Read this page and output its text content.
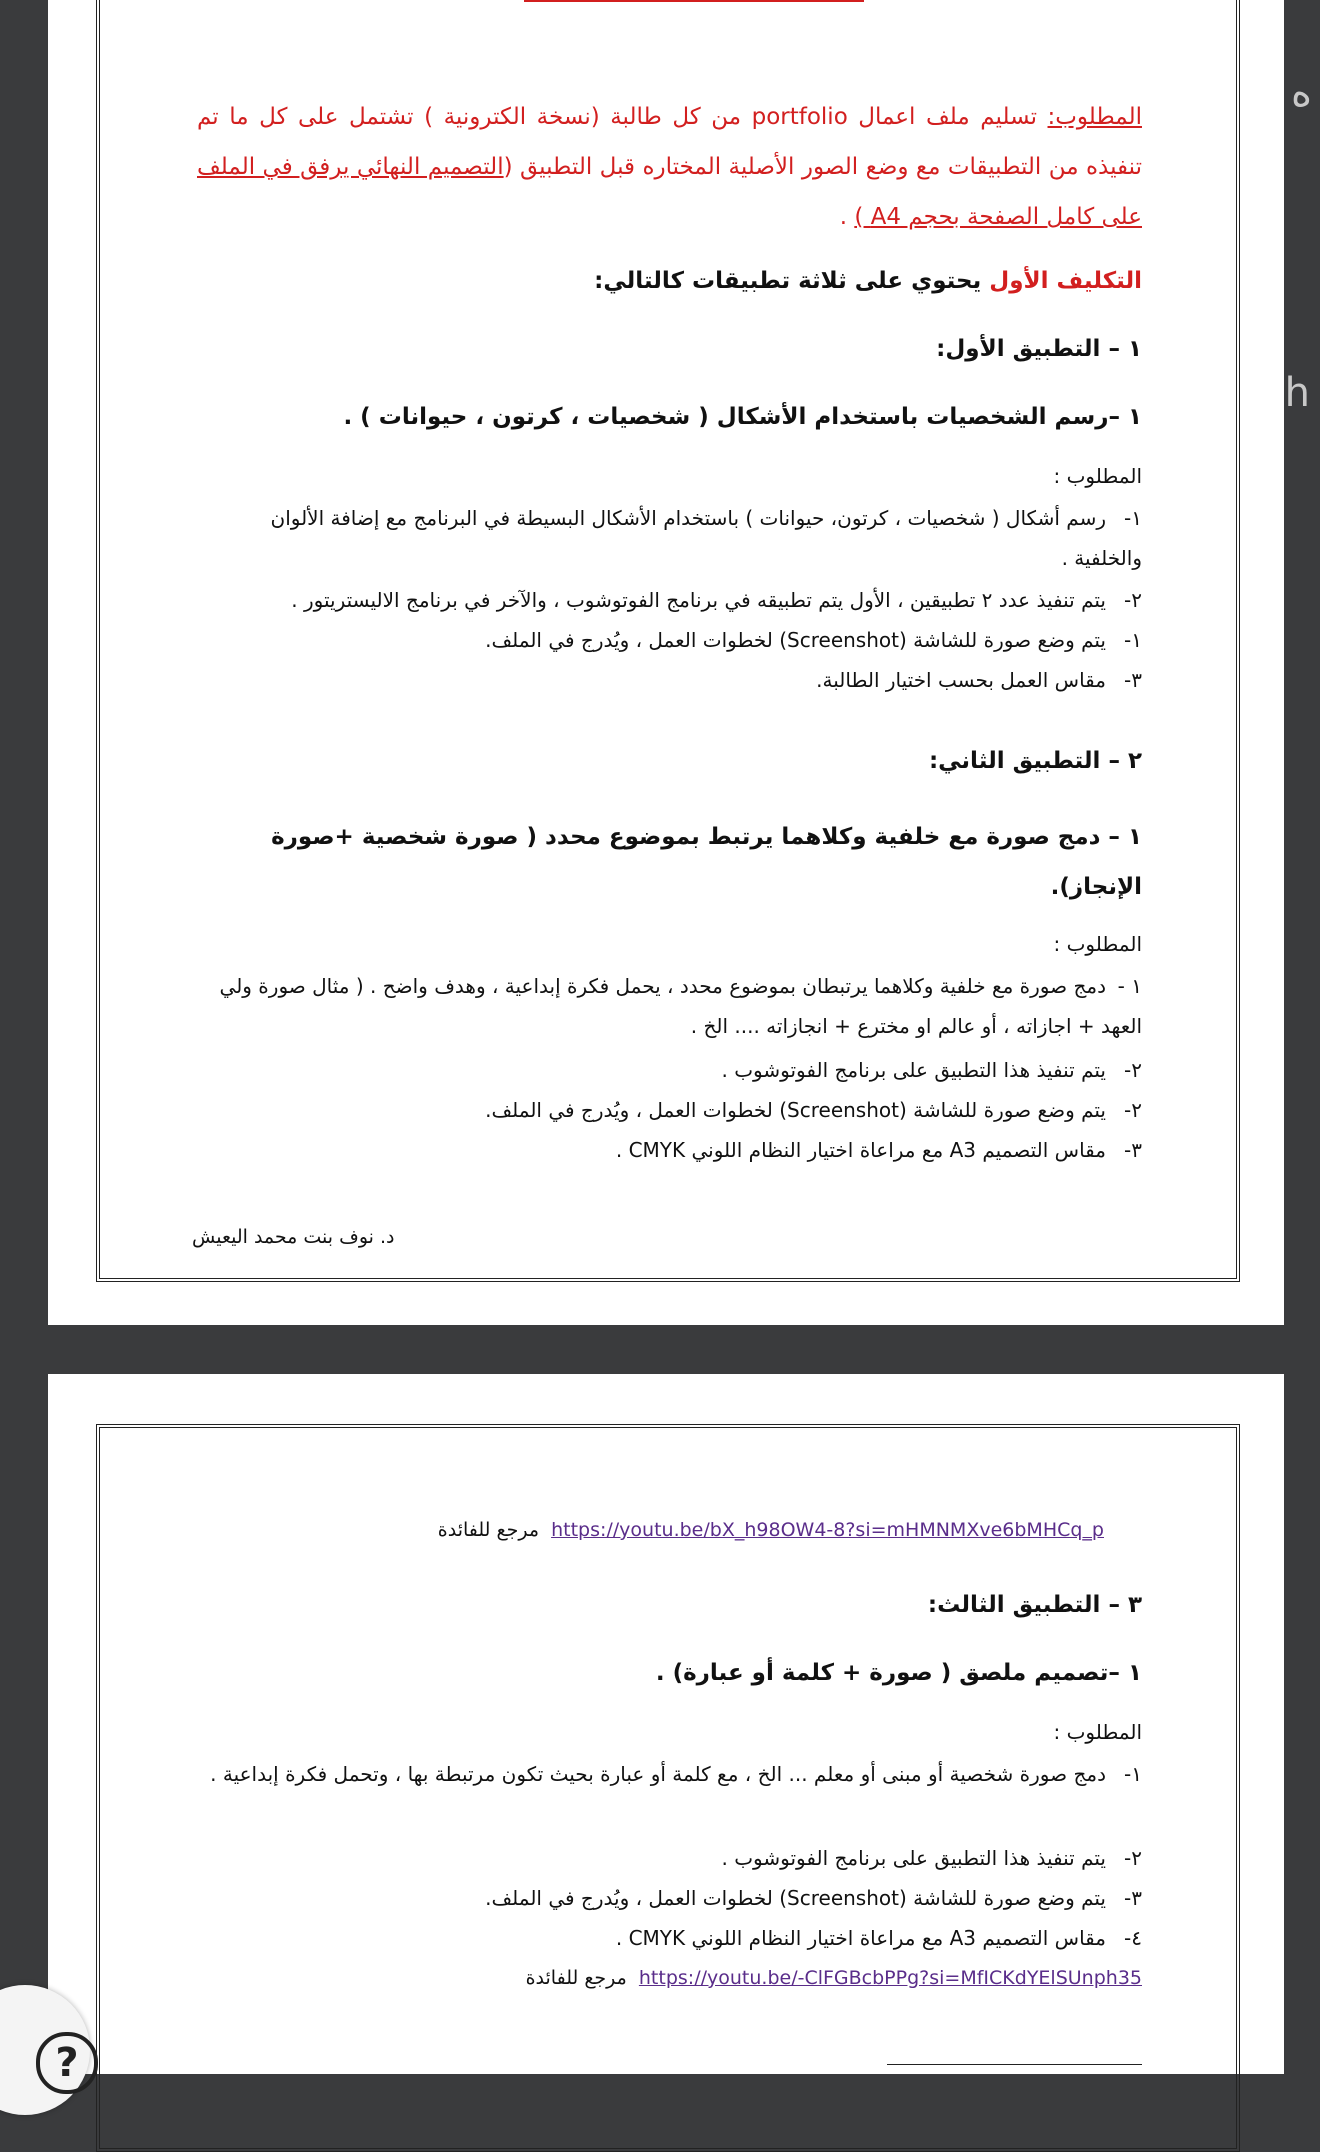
ه
h
المطلوب: تسليم ملف اعمال portfolio من كل طالبة (نسخة الكترونية ) تشتمل على كل ما تم تنفيذه من التطبيقات مع وضع الصور الأصلية المختاره قبل التطبيق (التصميم النهائي يرفق في الملف على كامل الصفحة بحجم A4 ) .
التكليف الأول يحتوي على ثلاثة تطبيقات كالتالي:
١ – التطبيق الأول:
١ –رسم الشخصيات باستخدام الأشكال ( شخصيات ، كرتون ، حيوانات ) .
المطلوب :
١-رسم أشكال ( شخصيات ، كرتون، حيوانات ) باستخدام الأشكال البسيطة في البرنامج مع إضافة الألوان والخلفية .
٢-يتم تنفيذ عدد ٢ تطبيقين ، الأول يتم تطبيقه في برنامج الفوتوشوب ، والآخر في برنامج الاليستريتور .
١-يتم وضع صورة للشاشة (Screenshot) لخطوات العمل ، ويُدرج في الملف.
٣-مقاس العمل بحسب اختيار الطالبة.
٢ – التطبيق الثاني:
١ – دمج صورة مع خلفية وكلاهما يرتبط بموضوع محدد ( صورة شخصية +صورة الإنجاز).
المطلوب :
١ -دمج صورة مع خلفية وكلاهما يرتبطان بموضوع محدد ، يحمل فكرة إبداعية ، وهدف واضح . ( مثال صورة ولي العهد + اجازاته ، أو عالم او مخترع + انجازاته .... الخ .
٢-يتم تنفيذ هذا التطبيق على برنامج الفوتوشوب .
٢-يتم وضع صورة للشاشة (Screenshot) لخطوات العمل ، ويُدرج في الملف.
٣-مقاس التصميم A3 مع مراعاة اختيار النظام اللوني CMYK .
د. نوف بنت محمد اليعيش
https://youtu.be/bX_h98OW4-8?si=mHMNMXve6bMHCq_p مرجع للفائدة
٣ – التطبيق الثالث:
١ –تصميم ملصق ( صورة + كلمة أو عبارة) .
المطلوب :
١-دمج صورة شخصية أو مبنى أو معلم ... الخ ، مع كلمة أو عبارة بحيث تكون مرتبطة بها ، وتحمل فكرة إبداعية .
٢-يتم تنفيذ هذا التطبيق على برنامج الفوتوشوب .
٣-يتم وضع صورة للشاشة (Screenshot) لخطوات العمل ، ويُدرج في الملف.
٤-مقاس التصميم A3 مع مراعاة اختيار النظام اللوني CMYK .
https://youtu.be/-ClFGBcbPPg?si=MfICKdYElSUnph35 مرجع للفائدة
?
